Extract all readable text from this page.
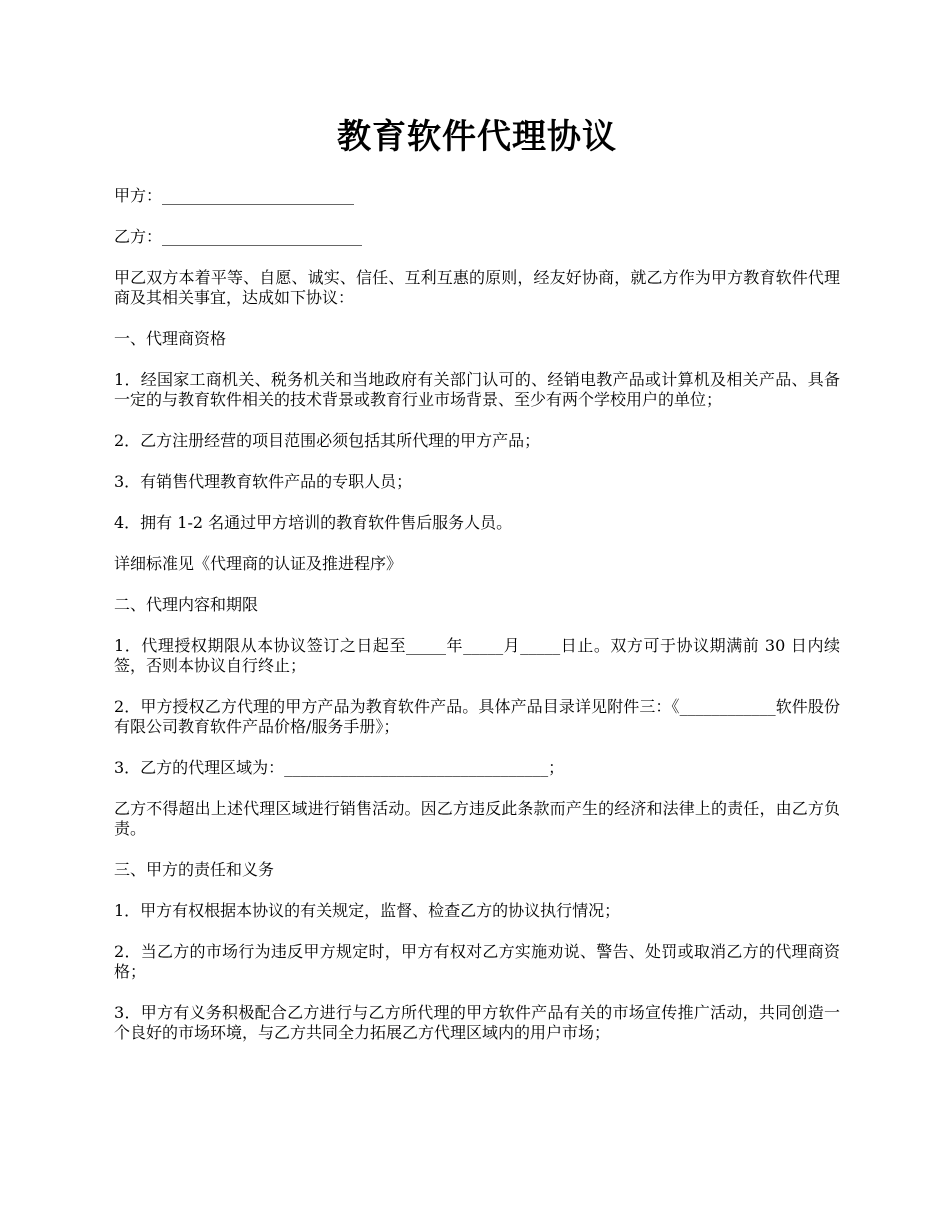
教育软件代理协议

甲方：________________________

乙方：_________________________

甲乙双方本着平等、自愿、诚实、信任、互利互惠的原则，经友好协商，就乙方作为甲方教育软件代理商及其相关事宜，达成如下协议：

一、代理商资格

1．经国家工商机关、税务机关和当地政府有关部门认可的、经销电教产品或计算机及相关产品、具备一定的与教育软件相关的技术背景或教育行业市场背景、至少有两个学校用户的单位；

2．乙方注册经营的项目范围必须包括其所代理的甲方产品；

3．有销售代理教育软件产品的专职人员；

4．拥有 1-2 名通过甲方培训的教育软件售后服务人员。

详细标准见《代理商的认证及推进程序》

二、代理内容和期限

1．代理授权期限从本协议签订之日起至_____年_____月_____日止。双方可于协议期满前 30 日内续签，否则本协议自行终止；

2．甲方授权乙方代理的甲方产品为教育软件产品。具体产品目录详见附件三：《____________软件股份有限公司教育软件产品价格/服务手册》；

3．乙方的代理区域为：_________________________________；

乙方不得超出上述代理区域进行销售活动。因乙方违反此条款而产生的经济和法律上的责任，由乙方负责。

三、甲方的责任和义务

1．甲方有权根据本协议的有关规定，监督、检查乙方的协议执行情况；

2．当乙方的市场行为违反甲方规定时，甲方有权对乙方实施劝说、警告、处罚或取消乙方的代理商资格；

3．甲方有义务积极配合乙方进行与乙方所代理的甲方软件产品有关的市场宣传推广活动，共同创造一个良好的市场环境，与乙方共同全力拓展乙方代理区域内的用户市场；
